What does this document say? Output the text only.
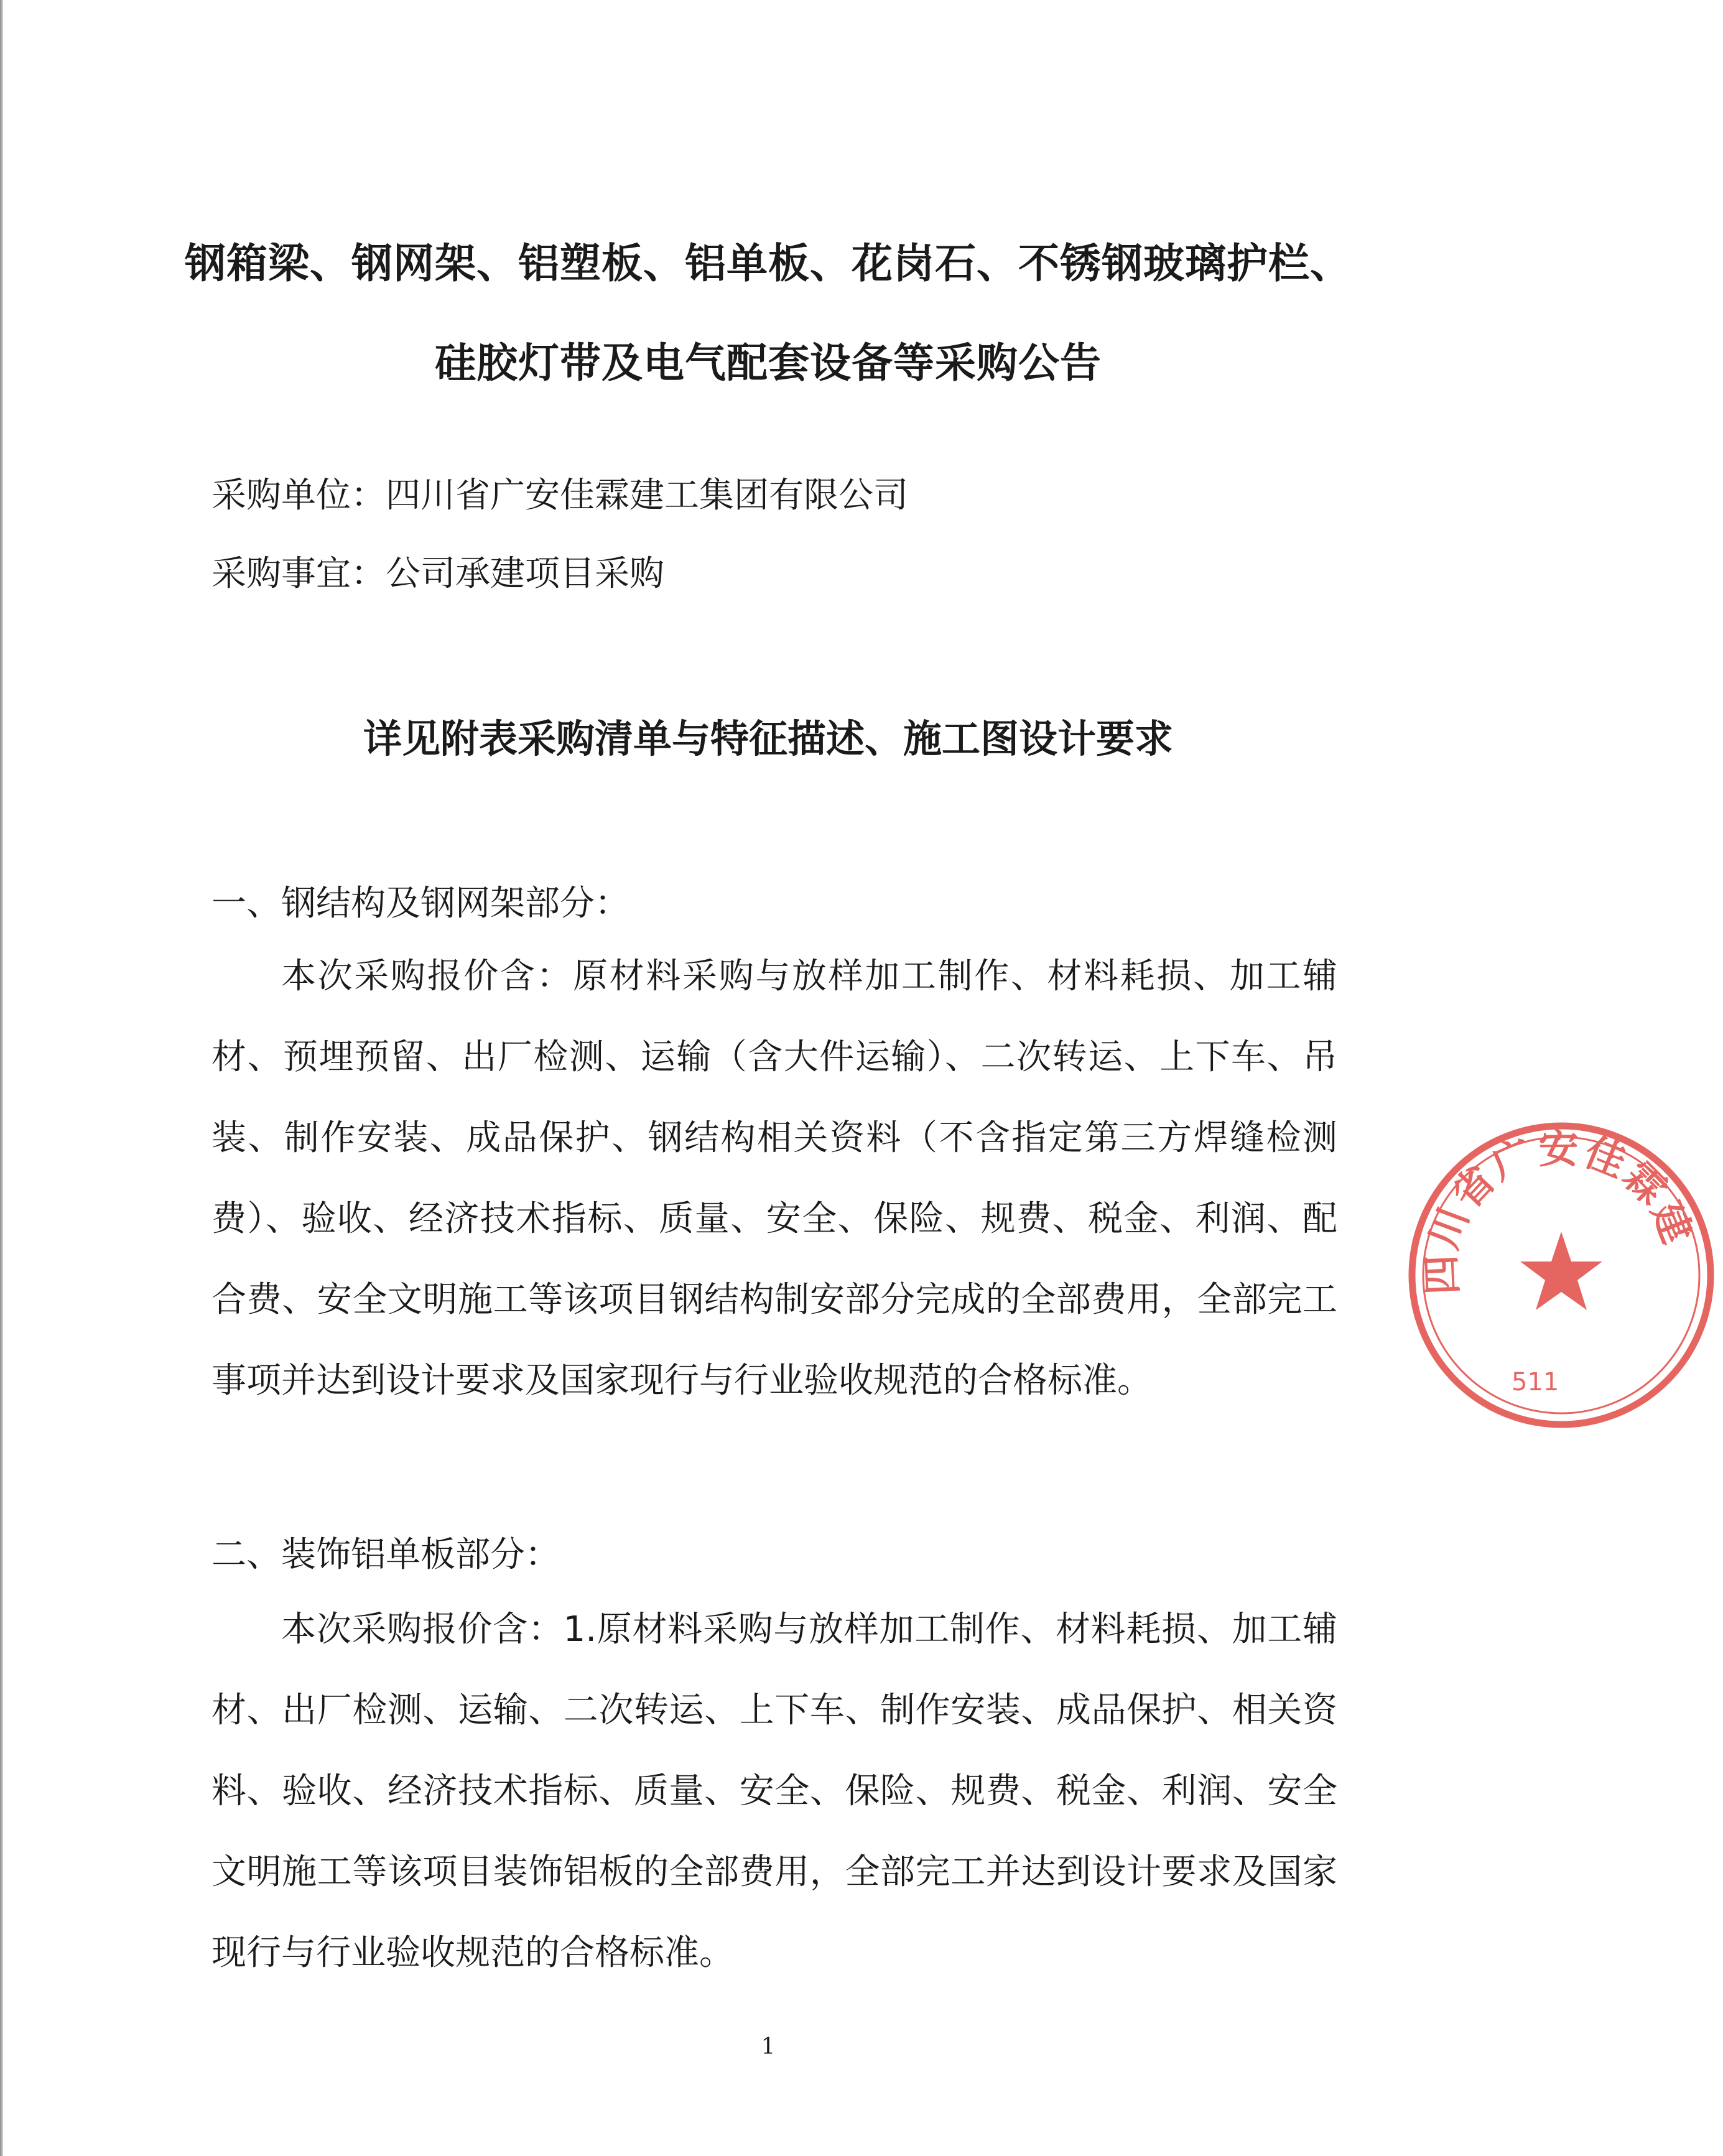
钢箱梁、钢网架、铝塑板、铝单板、花岗石、不锈钢玻璃护栏、
硅胶灯带及电气配套设备等采购公告
采购单位：四川省广安佳霖建工集团有限公司
采购事宜：公司承建项目采购
详见附表采购清单与特征描述、施工图设计要求
一、钢结构及钢网架部分：
本次采购报价含：原材料采购与放样加工制作、材料耗损、加工辅材、预埋预留、出厂检测、运输（含大件运输）、二次转运、上下车、吊装、制作安装、成品保护、钢结构相关资料（不含指定第三方焊缝检测费）、验收、经济技术指标、质量、安全、保险、规费、税金、利润、配合费、安全文明施工等该项目钢结构制安部分完成的全部费用，全部完工事项并达到设计要求及国家现行与行业验收规范的合格标准。
二、装饰铝单板部分：
本次采购报价含：1.原材料采购与放样加工制作、材料耗损、加工辅材、出厂检测、运输、二次转运、上下车、制作安装、成品保护、相关资料、验收、经济技术指标、质量、安全、保险、规费、税金、利润、安全文明施工等该项目装饰铝板的全部费用，全部完工并达到设计要求及国家现行与行业验收规范的合格标准。
1
四川省广安佳霖建
511
